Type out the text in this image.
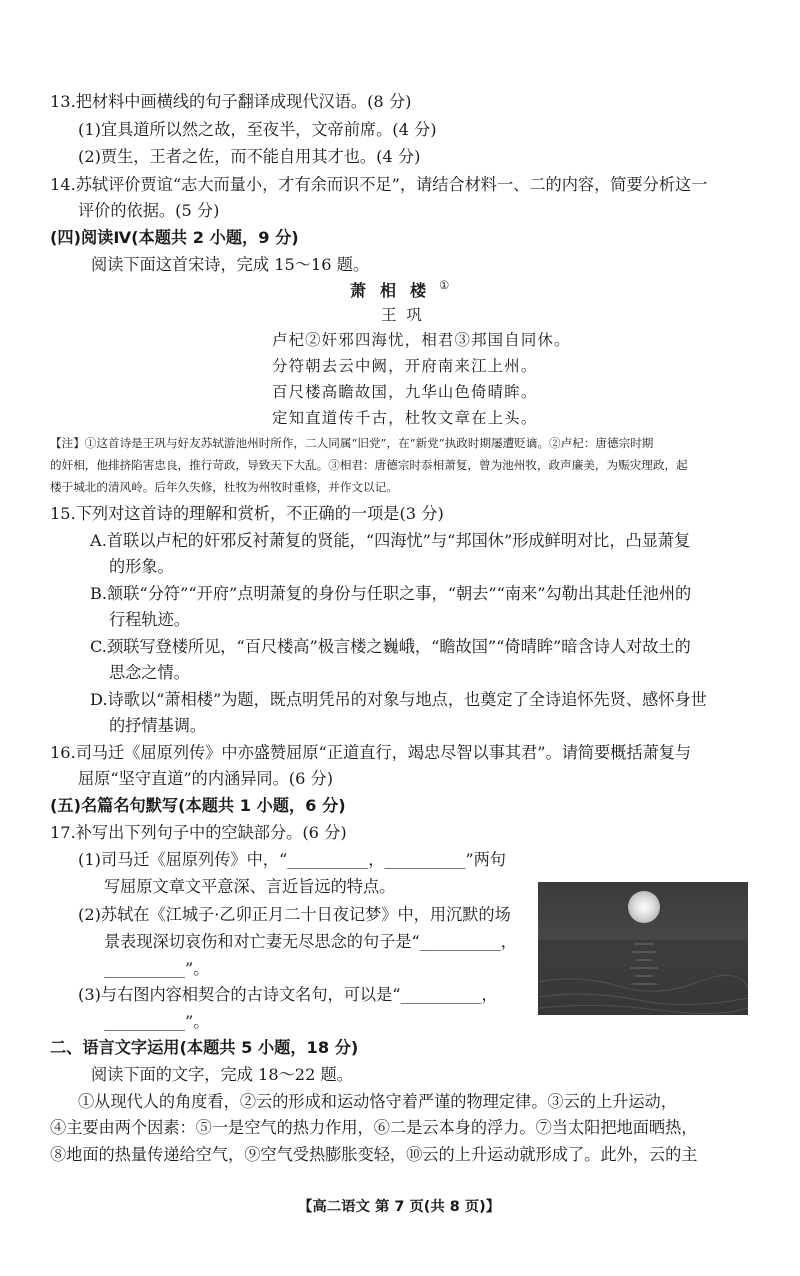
13.把材料中画横线的句子翻译成现代汉语。(8 分)
(1)宜具道所以然之故，至夜半，文帝前席。(4 分)
(2)贾生，王者之佐，而不能自用其才也。(4 分)
14.苏轼评价贾谊“志大而量小，才有余而识不足”，请结合材料一、二的内容，简要分析这一
评价的依据。(5 分)
(四)阅读Ⅳ(本题共 2 小题，9 分)
阅读下面这首宋诗，完成 15～16 题。
萧相楼
①
王巩
卢杞②奸邪四海忧，相君③邦国自同休。
分符朝去云中阙，开府南来江上州。
百尺楼高瞻故国，九华山色倚晴眸。
定知直道传千古，杜牧文章在上头。
【注】①这首诗是王巩与好友苏轼游池州时所作，二人同属“旧党”，在“新党”执政时期屡遭贬谪。②卢杞：唐德宗时期
的奸相，他排挤陷害忠良，推行苛政，导致天下大乱。③相君：唐德宗时忝相萧复，曾为池州牧，政声廉美，为赈灾理政，起
楼于城北的清风岭。后年久失修，杜牧为州牧时重修，并作文以记。
15.下列对这首诗的理解和赏析，不正确的一项是(3 分)
A.首联以卢杞的奸邪反衬萧复的贤能，“四海忧”与“邦国休”形成鲜明对比，凸显萧复
的形象。
B.颔联“分符”“开府”点明萧复的身份与任职之事，“朝去”“南来”勾勒出其赴任池州的
行程轨迹。
C.颈联写登楼所见，“百尺楼高”极言楼之巍峨，“瞻故国”“倚晴眸”暗含诗人对故土的
思念之情。
D.诗歌以“萧相楼”为题，既点明凭吊的对象与地点，也奠定了全诗追怀先贤、感怀身世
的抒情基调。
16.司马迁《屈原列传》中亦盛赞屈原“正道直行，竭忠尽智以事其君”。请简要概括萧复与
屈原“坚守直道”的内涵异同。(6 分)
(五)名篇名句默写(本题共 1 小题，6 分)
17.补写出下列句子中的空缺部分。(6 分)
(1)司马迁《屈原列传》中，“__________，__________”两句
写屈原文章文平意深、言近旨远的特点。
(2)苏轼在《江城子·乙卯正月二十日夜记梦》中，用沉默的场
景表现深切哀伤和对亡妻无尽思念的句子是“__________，
__________”。
(3)与右图内容相契合的古诗文名句，可以是“__________，
__________”。
二、语言文字运用(本题共 5 小题，18 分)
阅读下面的文字，完成 18～22 题。
①从现代人的角度看，②云的形成和运动恪守着严谨的物理定律。③云的上升运动，
④主要由两个因素：⑤一是空气的热力作用，⑥二是云本身的浮力。⑦当太阳把地面晒热，
⑧地面的热量传递给空气，⑨空气受热膨胀变轻，⑩云的上升运动就形成了。此外，云的主
【高二语文 第 7 页(共 8 页)】
